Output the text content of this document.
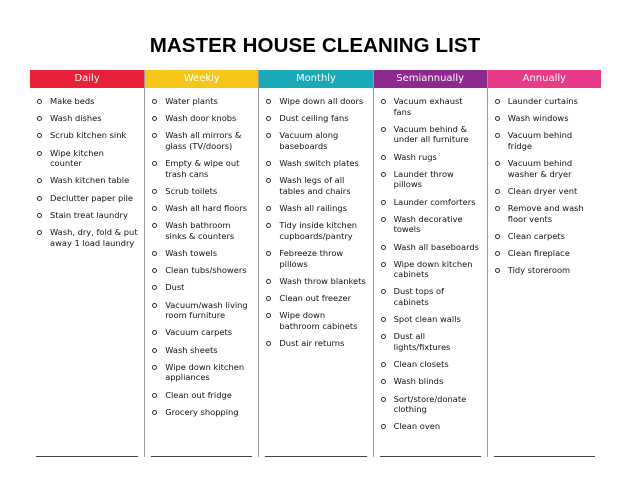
MASTER HOUSE CLEANING LIST
Daily
Make beds
Wash dishes
Scrub kitchen sink
Wipe kitchen counter
Wash kitchen table
Declutter paper pile
Stain treat laundry
Wash, dry, fold & put away 1 load laundry
Weekly
Water plants
Wash door knobs
Wash all mirrors & glass (TV/doors)
Empty & wipe out trash cans
Scrub toilets
Wash all hard floors
Wash bathroom sinks & counters
Wash towels
Clean tubs/showers
Dust
Vacuum/wash living room furniture
Vacuum carpets
Wash sheets
Wipe down kitchen appliances
Clean out fridge
Grocery shopping
Monthly
Wipe down all doors
Dust ceiling fans
Vacuum along baseboards
Wash switch plates
Wash legs of all tables and chairs
Wash all railings
Tidy inside kitchen cupboards/pantry
Febreeze throw pillows
Wash throw blankets
Clean out freezer
Wipe down bathroom cabinets
Dust air returns
Semiannually
Vacuum exhaust fans
Vacuum behind & under all furniture
Wash rugs
Launder throw pillows
Launder comforters
Wash decorative towels
Wash all baseboards
Wipe down kitchen cabinets
Dust tops of cabinets
Spot clean walls
Dust all lights/fixtures
Clean closets
Wash blinds
Sort/store/donate clothing
Clean oven
Annually
Launder curtains
Wash windows
Vacuum behind fridge
Vacuum behind washer & dryer
Clean dryer vent
Remove and wash floor vents
Clean carpets
Clean fireplace
Tidy storeroom
